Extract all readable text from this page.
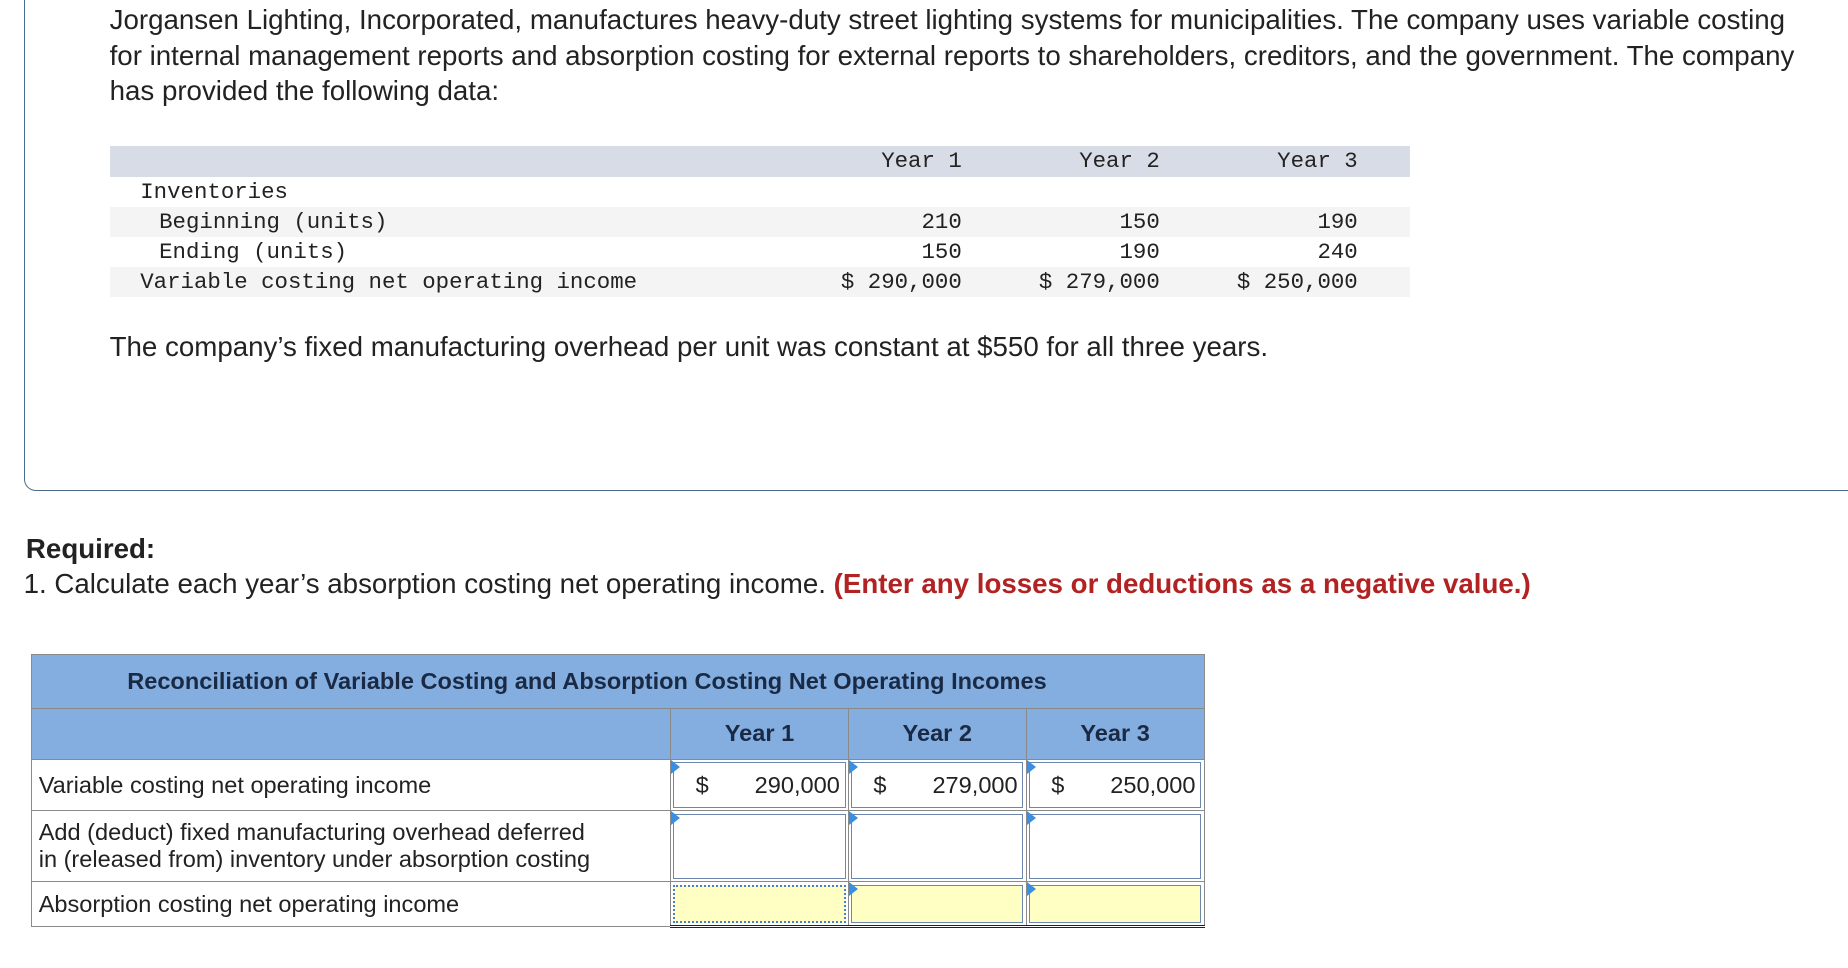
Jorgansen Lighting, Incorporated, manufactures heavy-duty street lighting systems for municipalities. The company uses variable costing for internal management reports and absorption costing for external reports to shareholders, creditors, and the government. The company has provided the following data:

	Year 1	Year 2	Year 3
Inventories			
Beginning (units)	210	150	190
Ending (units)	150	190	240
Variable costing net operating income	$ 290,000	$ 279,000	$ 250,000

The company’s fixed manufacturing overhead per unit was constant at $550 for all three years.

Required:

1. Calculate each year’s absorption costing net operating income. (Enter any losses or deductions as a negative value.)

Reconciliation of Variable Costing and Absorption Costing Net Operating Incomes			
	Year 1	Year 2	Year 3
Variable costing net operating income	$ 290,000	$ 279,000	$ 250,000

Add (deduct) fixed manufacturing overhead deferred
in (released from) inventory under absorption costing			

Absorption costing net operating income	
